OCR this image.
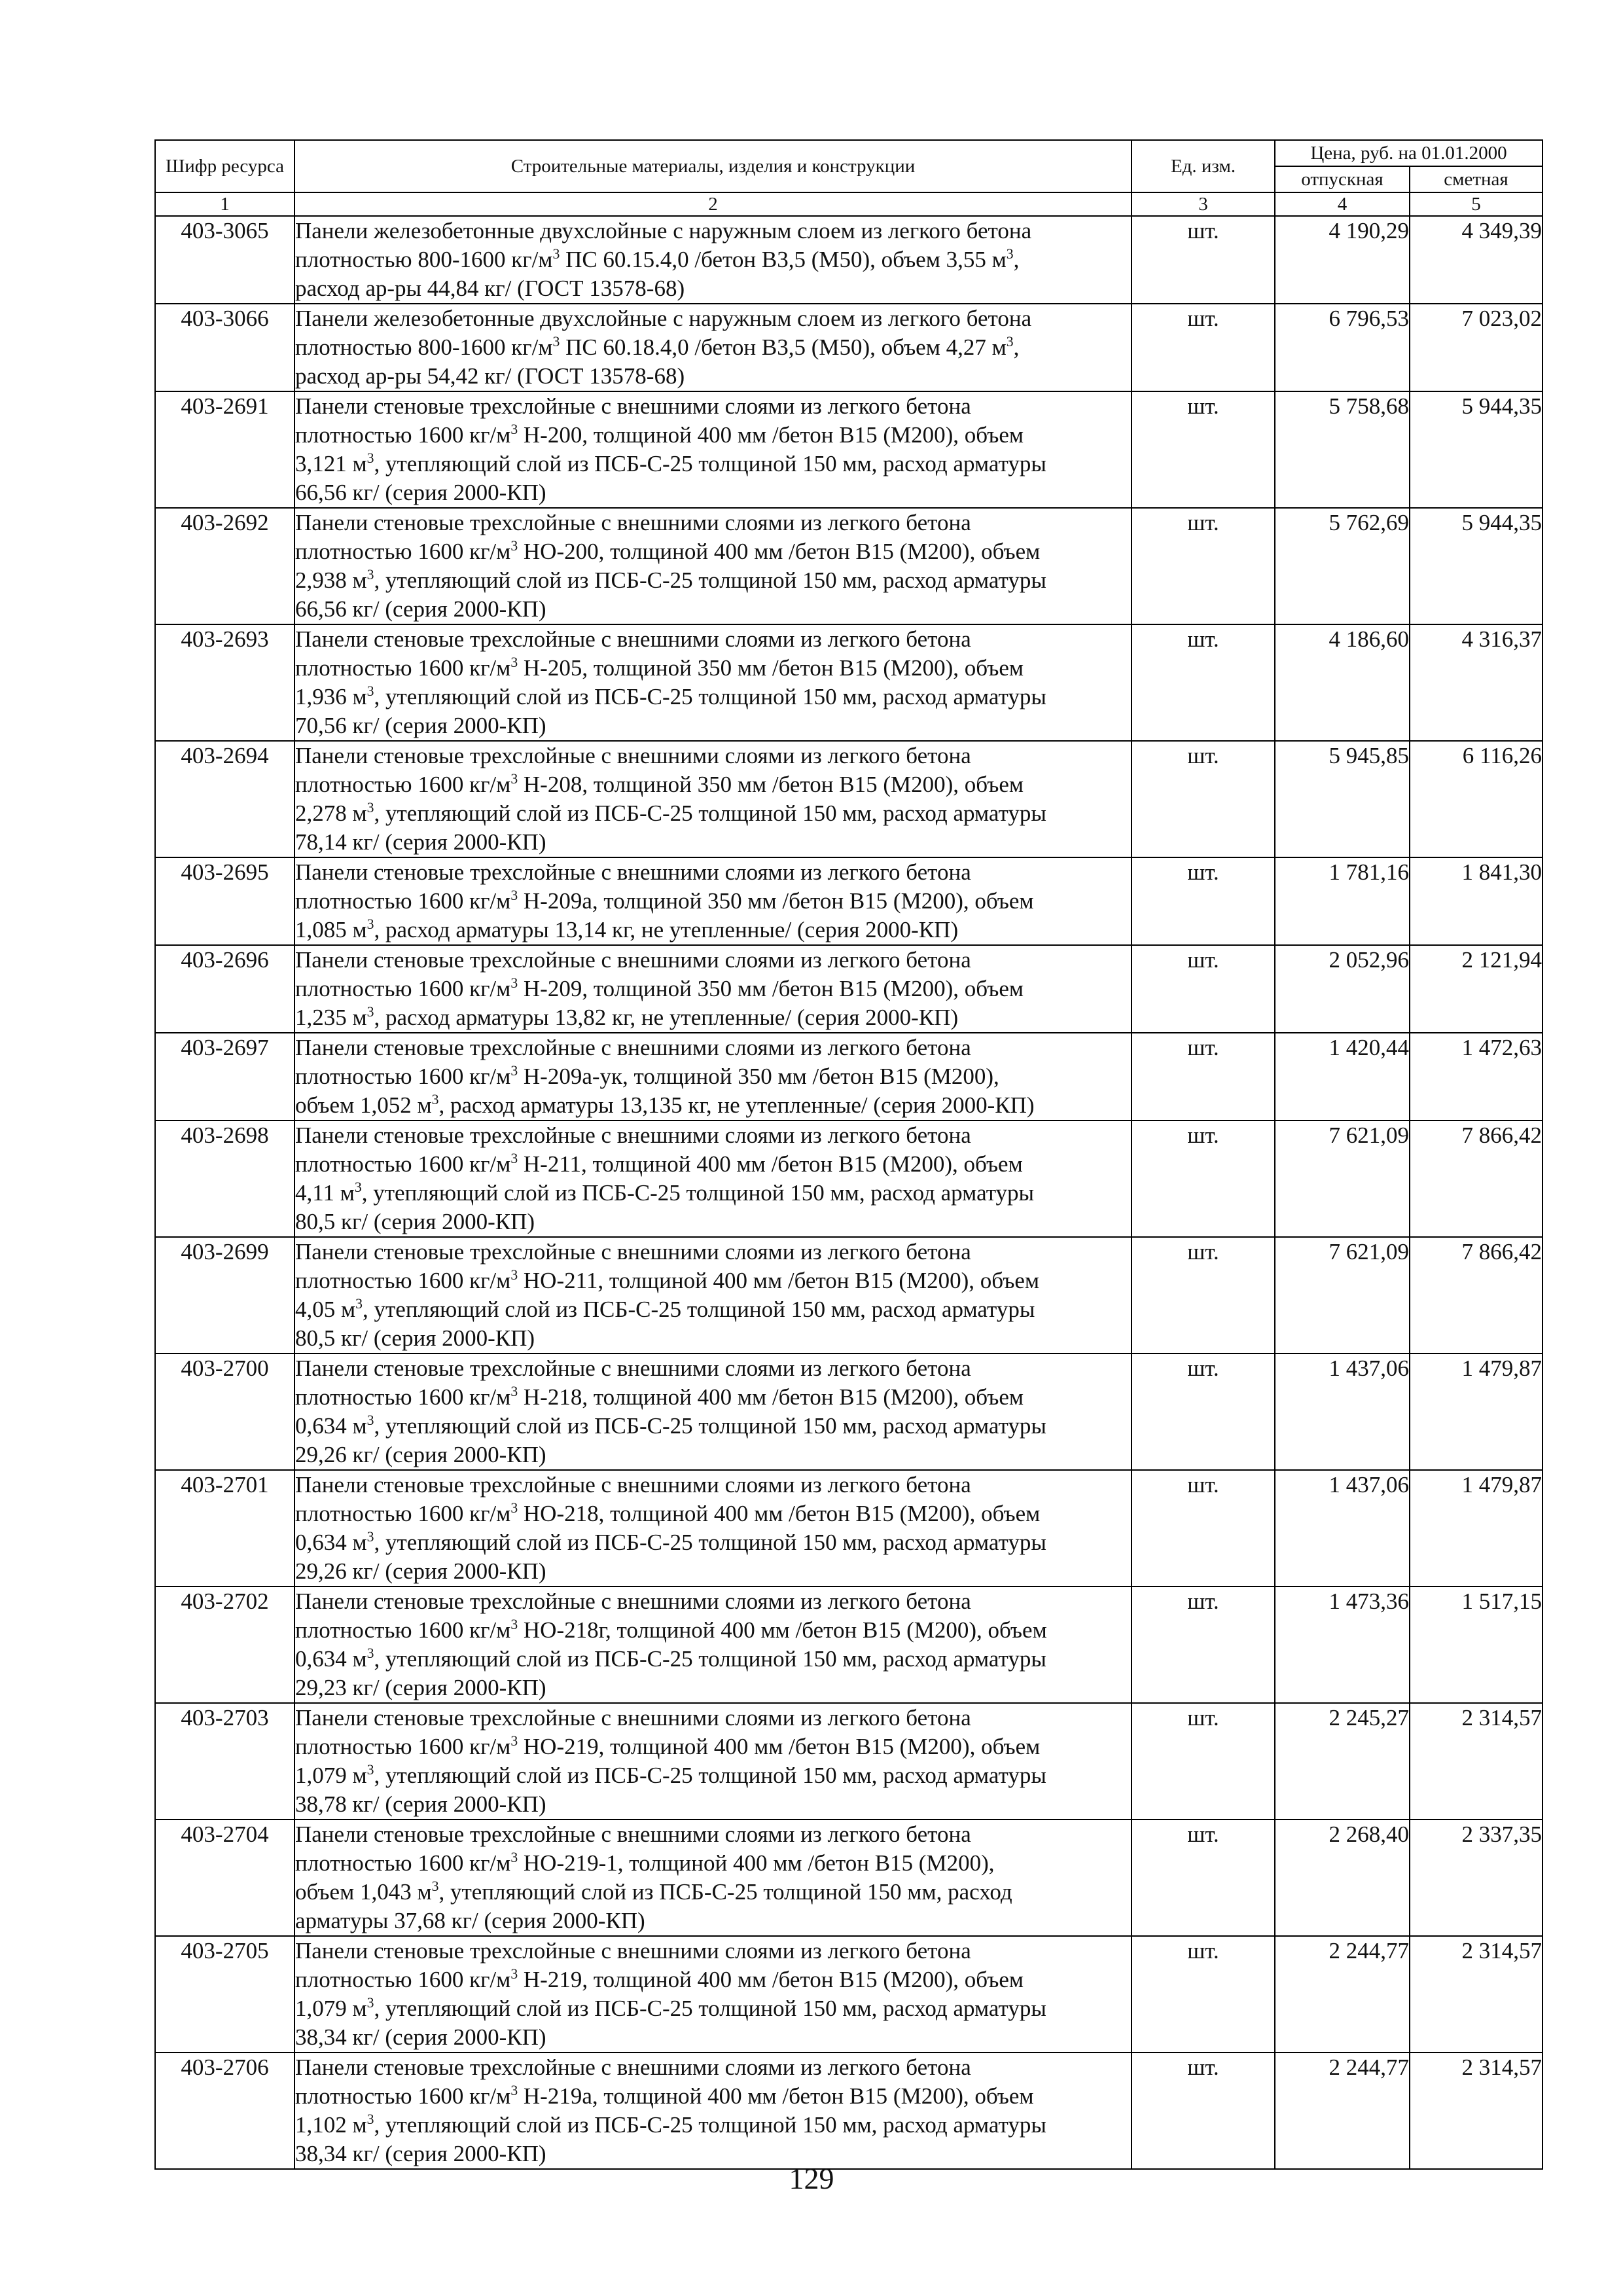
Шифр ресурса	Строительные материалы, изделия и конструкции	Ед. изм.	Цена, руб. на 01.01.2000	
			отпускная	сметная
1	2	3	4	5
403-3065	Панели железобетонные двухслойные с наружным слоем из легкого бетона
плотностью 800-1600 $кг/м^3$ ПС 60.15.4,0 /бетон В3,5 (М50), объем 3,55 $м^3$,
расход ар-ры 44,84 кг/ (ГОСТ 13578-68)	шт.	4 190,29	4 349,39
403-3066	Панели железобетонные двухслойные с наружным слоем из легкого бетона
плотностью 800-1600 $кг/м^3$ ПС 60.18.4,0 /бетон В3,5 (М50), объем 4,27 $м^3$,
расход ар-ры 54,42 кг/ (ГОСТ 13578-68)	шт.	6 796,53	7 023,02
403-2691	Панели стеновые трехслойные с внешними слоями из легкого бетона
плотностью 1600 $кг/м^3$ Н-200, толщиной 400 мм /бетон В15 (М200), объем
3,121 $м^3$, утепляющий слой из ПСБ-С-25 толщиной 150 мм, расход арматуры
66,56 кг/ (серия 2000-КП)	шт.	5 758,68	5 944,35
403-2692	Панели стеновые трехслойные с внешними слоями из легкого бетона
плотностью 1600 $кг/м^3$ НО-200, толщиной 400 мм /бетон В15 (М200), объем
2,938 $м^3$, утепляющий слой из ПСБ-С-25 толщиной 150 мм, расход арматуры
66,56 кг/ (серия 2000-КП)	шт.	5 762,69	5 944,35
403-2693	Панели стеновые трехслойные с внешними слоями из легкого бетона
плотностью 1600 $кг/м^3$ Н-205, толщиной 350 мм /бетон В15 (М200), объем
1,936 $м^3$, утепляющий слой из ПСБ-С-25 толщиной 150 мм, расход арматуры
70,56 кг/ (серия 2000-КП)	шт.	4 186,60	4 316,37
403-2694	Панели стеновые трехслойные с внешними слоями из легкого бетона
плотностью 1600 $кг/м^3$ Н-208, толщиной 350 мм /бетон В15 (М200), объем
2,278 $м^3$, утепляющий слой из ПСБ-С-25 толщиной 150 мм, расход арматуры
78,14 кг/ (серия 2000-КП)	шт.	5 945,85	6 116,26
403-2695	Панели стеновые трехслойные с внешними слоями из легкого бетона
плотностью 1600 $кг/м^3$ Н-209а, толщиной 350 мм /бетон В15 (М200), объем
1,085 $м^3$, расход арматуры 13,14 кг, не утепленные/ (серия 2000-КП)	шт.	1 781,16	1 841,30
403-2696	Панели стеновые трехслойные с внешними слоями из легкого бетона
плотностью 1600 $кг/м^3$ Н-209, толщиной 350 мм /бетон В15 (М200), объем
1,235 $м^3$, расход арматуры 13,82 кг, не утепленные/ (серия 2000-КП)	шт.	2 052,96	2 121,94
403-2697	Панели стеновые трехслойные с внешними слоями из легкого бетона
плотностью 1600 $кг/м^3$ Н-209а-ук, толщиной 350 мм /бетон В15 (М200),
объем 1,052 $м^3$, расход арматуры 13,135 кг, не утепленные/ (серия 2000-КП)	шт.	1 420,44	1 472,63
403-2698	Панели стеновые трехслойные с внешними слоями из легкого бетона
плотностью 1600 $кг/м^3$ Н-211, толщиной 400 мм /бетон В15 (М200), объем
4,11 $м^3$, утепляющий слой из ПСБ-С-25 толщиной 150 мм, расход арматуры
80,5 кг/ (серия 2000-КП)	шт.	7 621,09	7 866,42
403-2699	Панели стеновые трехслойные с внешними слоями из легкого бетона
плотностью 1600 $кг/м^3$ НО-211, толщиной 400 мм /бетон В15 (М200), объем
4,05 $м^3$, утепляющий слой из ПСБ-С-25 толщиной 150 мм, расход арматуры
80,5 кг/ (серия 2000-КП)	шт.	7 621,09	7 866,42
403-2700	Панели стеновые трехслойные с внешними слоями из легкого бетона
плотностью 1600 $кг/м^3$ Н-218, толщиной 400 мм /бетон В15 (М200), объем
0,634 $м^3$, утепляющий слой из ПСБ-С-25 толщиной 150 мм, расход арматуры
29,26 кг/ (серия 2000-КП)	шт.	1 437,06	1 479,87
403-2701	Панели стеновые трехслойные с внешними слоями из легкого бетона
плотностью 1600 $кг/м^3$ НО-218, толщиной 400 мм /бетон В15 (М200), объем
0,634 $м^3$, утепляющий слой из ПСБ-С-25 толщиной 150 мм, расход арматуры
29,26 кг/ (серия 2000-КП)	шт.	1 437,06	1 479,87
403-2702	Панели стеновые трехслойные с внешними слоями из легкого бетона
плотностью 1600 $кг/м^3$ НО-218г, толщиной 400 мм /бетон В15 (М200), объем
0,634 $м^3$, утепляющий слой из ПСБ-С-25 толщиной 150 мм, расход арматуры
29,23 кг/ (серия 2000-КП)	шт.	1 473,36	1 517,15
403-2703	Панели стеновые трехслойные с внешними слоями из легкого бетона
плотностью 1600 $кг/м^3$ НО-219, толщиной 400 мм /бетон В15 (М200), объем
1,079 $м^3$, утепляющий слой из ПСБ-С-25 толщиной 150 мм, расход арматуры
38,78 кг/ (серия 2000-КП)	шт.	2 245,27	2 314,57
403-2704	Панели стеновые трехслойные с внешними слоями из легкого бетона
плотностью 1600 $кг/м^3$ НО-219-1, толщиной 400 мм /бетон В15 (М200),
объем 1,043 $м^3$, утепляющий слой из ПСБ-С-25 толщиной 150 мм, расход
арматуры 37,68 кг/ (серия 2000-КП)	шт.	2 268,40	2 337,35
403-2705	Панели стеновые трехслойные с внешними слоями из легкого бетона
плотностью 1600 $кг/м^3$ Н-219, толщиной 400 мм /бетон В15 (М200), объем
1,079 $м^3$, утепляющий слой из ПСБ-С-25 толщиной 150 мм, расход арматуры
38,34 кг/ (серия 2000-КП)	шт.	2 244,77	2 314,57
403-2706	Панели стеновые трехслойные с внешними слоями из легкого бетона
плотностью 1600 $кг/м^3$ Н-219а, толщиной 400 мм /бетон В15 (М200), объем
1,102 $м^3$, утепляющий слой из ПСБ-С-25 толщиной 150 мм, расход арматуры
38,34 кг/ (серия 2000-КП)	шт.	2 244,77	2 314,57
129
